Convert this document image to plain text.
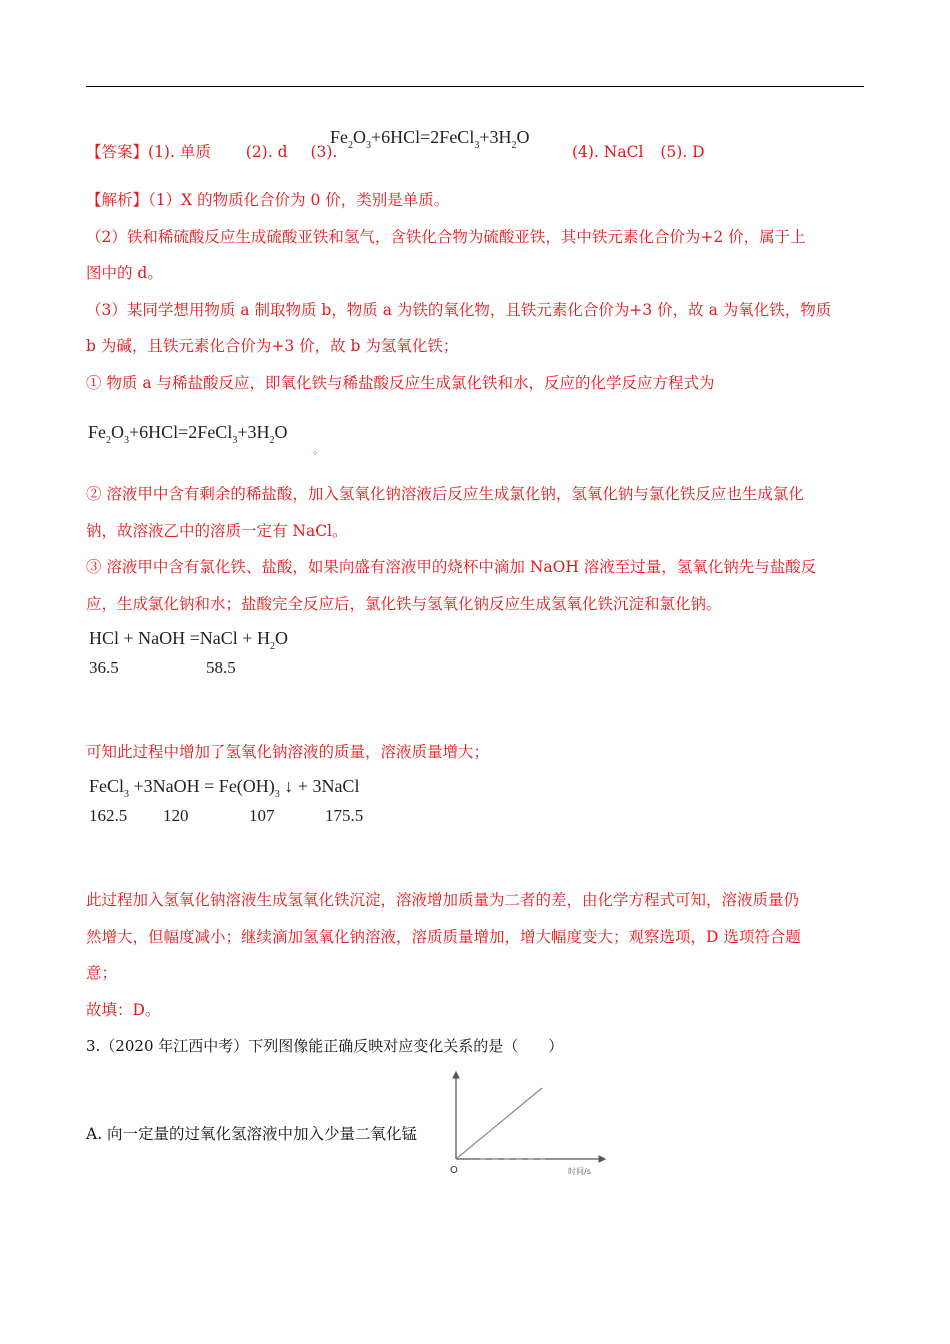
【答案】(1). 单质 (2). d (3).
$Fe_2O_3+6HCl=2FeCl_3+3H_2O$
(4). NaCl (5). D
【解析】（1）X 的物质化合价为 0 价，类别是单质。
（2）铁和稀硫酸反应生成硫酸亚铁和氢气，含铁化合物为硫酸亚铁，其中铁元素化合价为+2 价，属于上
图中的 d。
（3）某同学想用物质 a 制取物质 b，物质 a 为铁的氧化物，且铁元素化合价为+3 价，故 a 为氧化铁，物质
b 为碱，且铁元素化合价为+3 价，故 b 为氢氧化铁；
① 物质 a 与稀盐酸反应，即氧化铁与稀盐酸反应生成氯化铁和水，反应的化学反应方程式为
$Fe_2O_3+6HCl=2FeCl_3+3H_2O$
。
② 溶液甲中含有剩余的稀盐酸，加入氢氧化钠溶液后反应生成氯化钠，氢氧化钠与氯化铁反应也生成氯化
钠，故溶液乙中的溶质一定有 NaCl。
③ 溶液甲中含有氯化铁、盐酸，如果向盛有溶液甲的烧杯中滴加 NaOH 溶液至过量，氢氧化钠先与盐酸反
应，生成氯化钠和水；盐酸完全反应后，氯化铁与氢氧化钠反应生成氢氧化铁沉淀和氯化钠。
HCl + NaOH =NaCl + $H_2O$
36.5	58.5
可知此过程中增加了氢氧化钠溶液的质量，溶液质量增大；
FeCl$_3$ +3NaOH = $Fe(OH)_3$ ↓ + 3NaCl
162.5 120	107	175.5
此过程加入氢氧化钠溶液生成氢氧化铁沉淀，溶液增加质量为二者的差，由化学方程式可知，溶液质量仍
然增大，但幅度减小；继续滴加氢氧化钠溶液，溶质质量增加，增大幅度变大；观察选项，D 选项符合题
意；
故填：D。
3.（2020 年江西中考）下列图像能正确反映对应变化关系的是（　　）
A. 向一定量的过氧化氢溶液中加入少量二氧化锰
O	时间/s
